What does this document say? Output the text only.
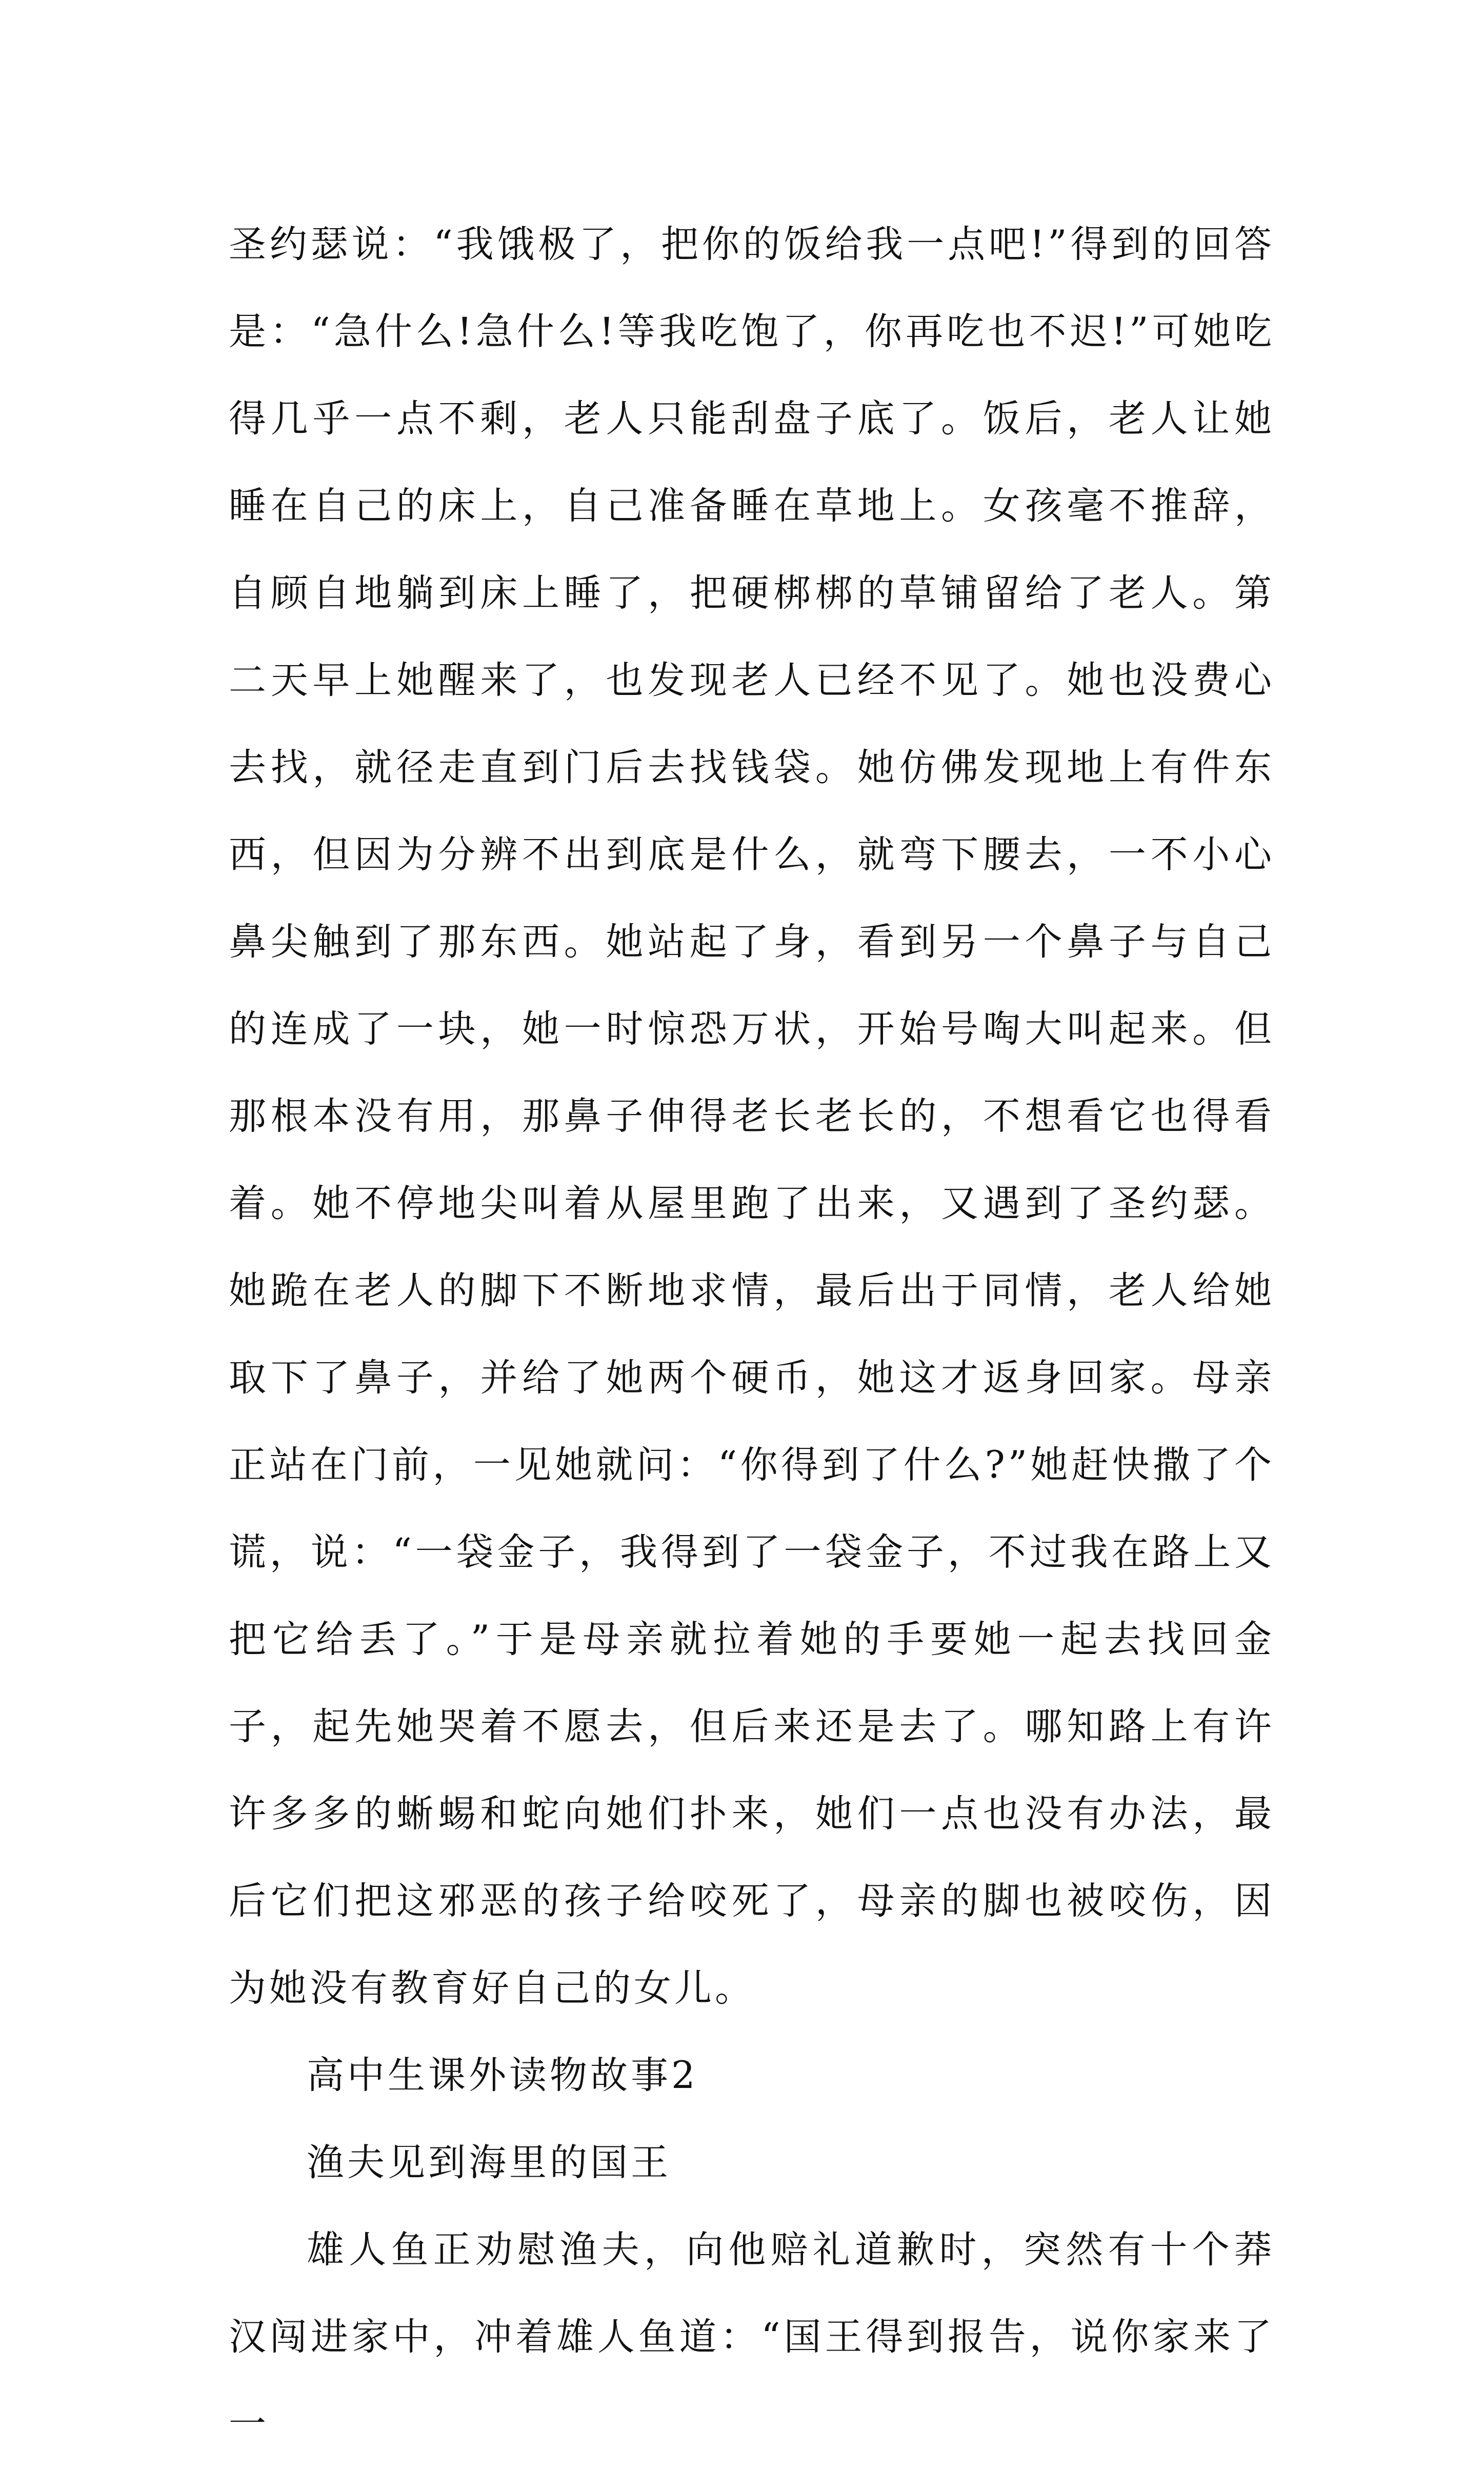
圣约瑟说：“我饿极了，把你的饭给我一点吧!”得到的回答是：“急什么!急什么!等我吃饱了，你再吃也不迟!”可她吃得几乎一点不剩，老人只能刮盘子底了。饭后，老人让她睡在自己的床上，自己准备睡在草地上。女孩毫不推辞，自顾自地躺到床上睡了，把硬梆梆的草铺留给了老人。第二天早上她醒来了，也发现老人已经不见了。她也没费心去找，就径走直到门后去找钱袋。她仿佛发现地上有件东西，但因为分辨不出到底是什么，就弯下腰去，一不小心鼻尖触到了那东西。她站起了身，看到另一个鼻子与自己的连成了一块，她一时惊恐万状，开始号啕大叫起来。但那根本没有用，那鼻子伸得老长老长的，不想看它也得看着。她不停地尖叫着从屋里跑了出来，又遇到了圣约瑟。她跪在老人的脚下不断地求情，最后出于同情，老人给她取下了鼻子，并给了她两个硬币，她这才返身回家。母亲正站在门前，一见她就问：“你得到了什么?”她赶快撒了个谎，说：“一袋金子，我得到了一袋金子，不过我在路上又把它给丢了。”于是母亲就拉着她的手要她一起去找回金子，起先她哭着不愿去，但后来还是去了。哪知路上有许许多多的蜥蜴和蛇向她们扑来，她们一点也没有办法，最后它们把这邪恶的孩子给咬死了，母亲的脚也被咬伤，因为她没有教育好自己的女儿。

高中生课外读物故事2

渔夫见到海里的国王

雄人鱼正劝慰渔夫，向他赔礼道歉时，突然有十个莽汉闯进家中，冲着雄人鱼道：“国王得到报告，说你家来了一
